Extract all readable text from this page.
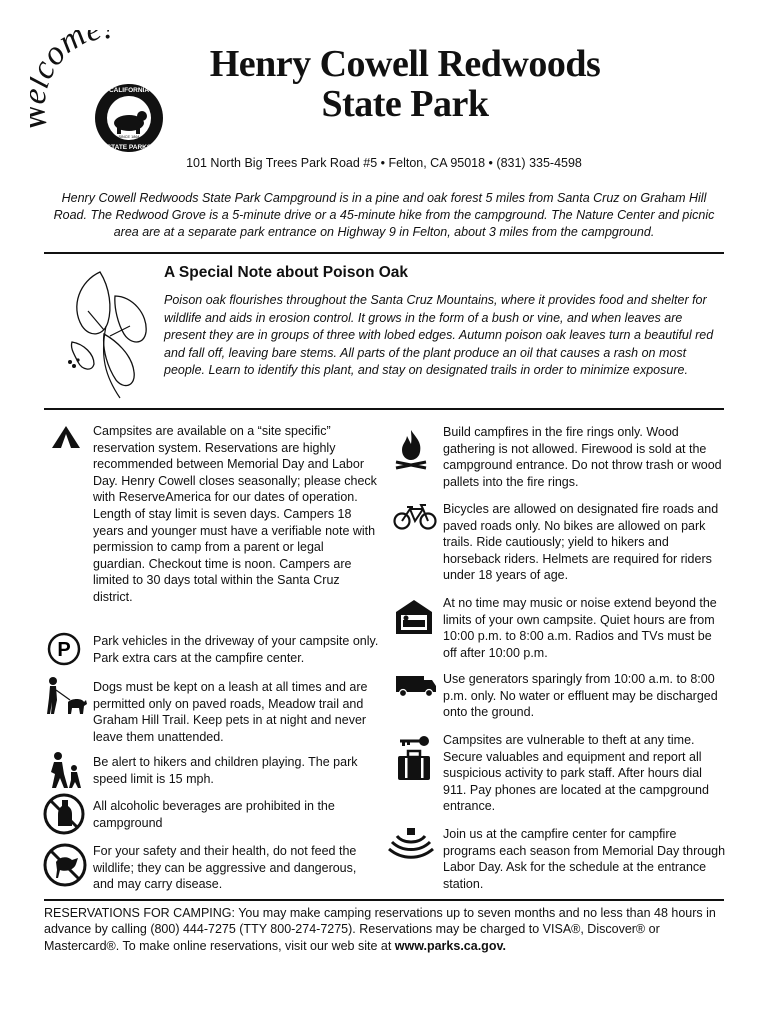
om
CALIFORNIA
STATE PARKS
SINCE 1864
Henry Cowell Redwoods
State Park
101 North Big Trees Park Road #5 • Felton, CA 95018 • (831) 335-4598
Henry Cowell Redwoods State Park Campground is in a pine and oak forest 5 miles from Santa Cruz on Graham Hill Road. The Redwood Grove is a 5-minute drive or a 45-minute hike from the campground. The Nature Center and picnic area are at a separate park entrance on Highway 9 in Felton, about 3 miles from the campground.
A Special Note about Poison Oak
Poison oak flourishes throughout the Santa Cruz Mountains, where it provides food and shelter for wildlife and aids in erosion control. It grows in the form of a bush or vine, and when leaves are present they are in groups of three with lobed edges. Autumn poison oak leaves turn a beautiful red and fall off, leaving bare stems. All parts of the plant produce an oil that causes a rash on most people. Learn to identify this plant, and stay on designated trails in order to minimize exposure.
Campsites are available on a “site specific” reservation system. Reservations are highly recommended between Memorial Day and Labor Day. Henry Cowell closes seasonally; please check with ReserveAmerica for our dates of operation. Length of stay limit is seven days. Campers 18 years and younger must have a verifiable note with permission to camp from a parent or legal guardian. Checkout time is noon. Campers are limited to 30 days total within the Santa Cruz district.
P Park vehicles in the driveway of your campsite only. Park extra cars at the campfire center.
Dogs must be kept on a leash at all times and are permitted only on paved roads, Meadow trail and Graham Hill Trail. Keep pets in at night and never leave them unattended.
Be alert to hikers and children playing. The park speed limit is 15 mph.
All alcoholic beverages are prohibited in the campground
For your safety and their health, do not feed the wildlife; they can be aggressive and dangerous, and may carry disease.
Build campfires in the fire rings only. Wood gathering is not allowed. Firewood is sold at the campground entrance. Do not throw trash or wood pallets into the fire rings.
Bicycles are allowed on designated fire roads and paved roads only. No bikes are allowed on park trails. Ride cautiously; yield to hikers and horseback riders. Helmets are required for riders under 18 years of age.
At no time may music or noise extend beyond the limits of your own campsite. Quiet hours are from 10:00 p.m. to 8:00 a.m. Radios and TVs must be off after 10:00 p.m.
Use generators sparingly from 10:00 a.m. to 8:00 p.m. only. No water or effluent may be discharged onto the ground.
Campsites are vulnerable to theft at any time. Secure valuables and equipment and report all suspicious activity to park staff. After hours dial 911. Pay phones are located at the campground entrance.
Join us at the campfire center for campfire programs each season from Memorial Day through Labor Day. Ask for the schedule at the entrance station.
RESERVATIONS FOR CAMPING: You may make camping reservations up to seven months and no less than 48 hours in advance by calling (800) 444-7275 (TTY 800-274-7275). Reservations may be charged to VISA®, Discover® or Mastercard®. To make online reservations, visit our web site at www.parks.ca.gov.
